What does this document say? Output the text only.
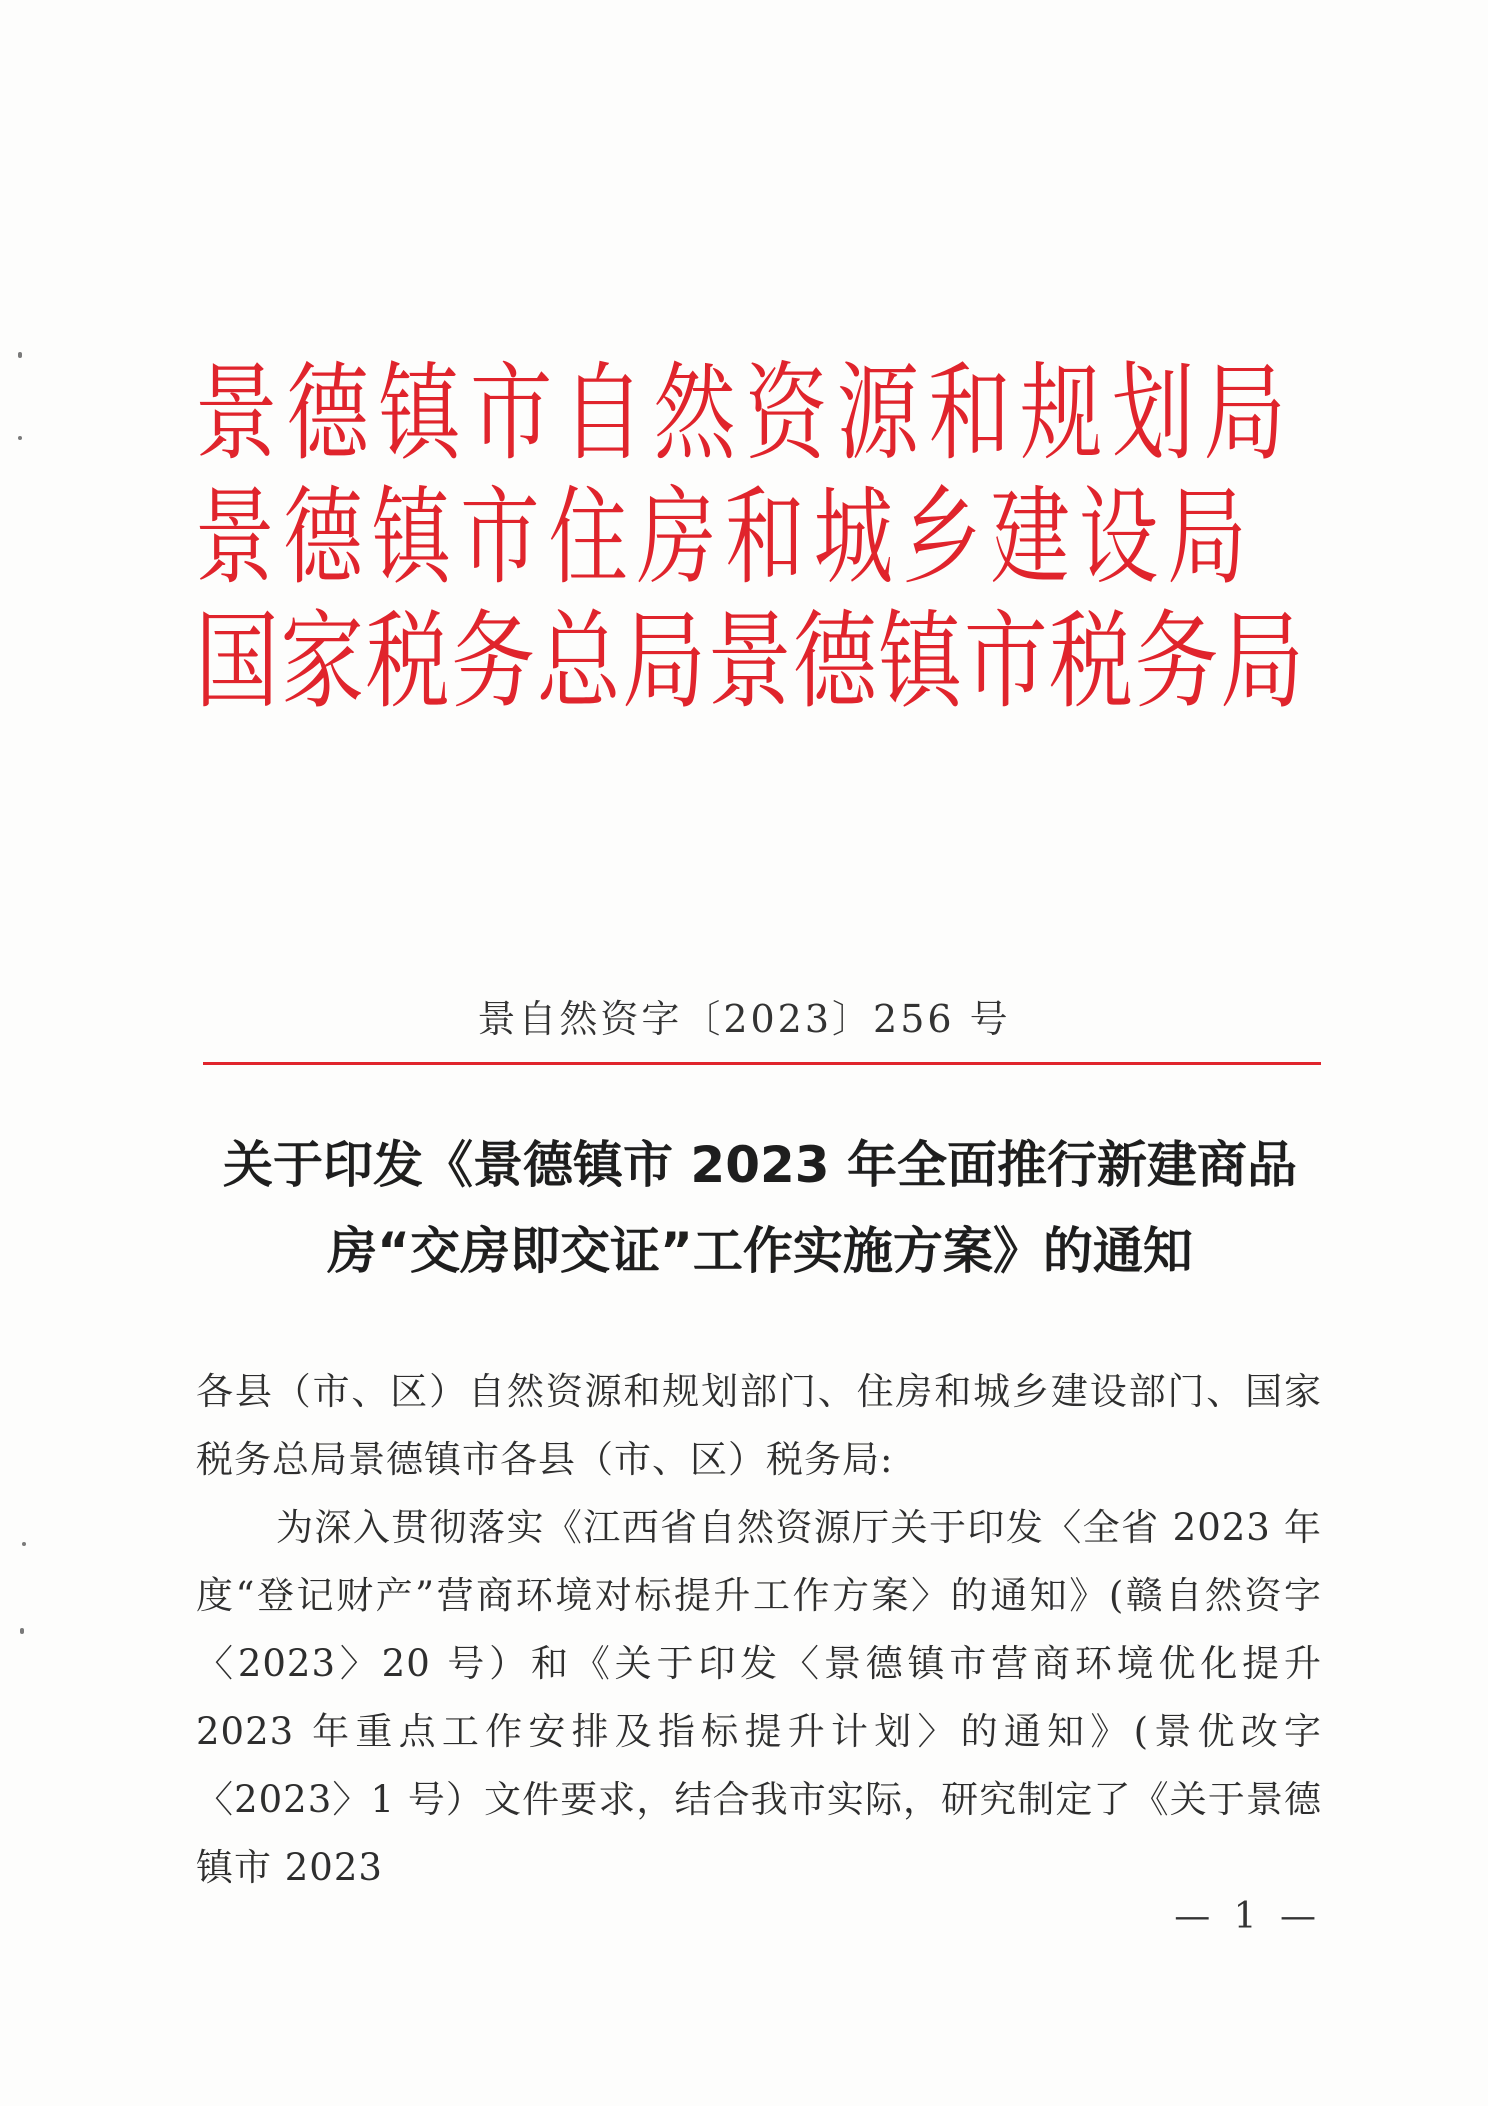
景德镇市自然资源和规划局
景德镇市住房和城乡建设局
国家税务总局景德镇市税务局
景自然资字〔2023〕256 号
关于印发《景德镇市 2023 年全面推行新建商品
房“交房即交证”工作实施方案》的通知

各县（市、区）自然资源和规划部门、住房和城乡建设部门、国家税务总局景德镇市各县（市、区）税务局:

为深入贯彻落实《江西省自然资源厅关于印发〈全省 2023 年度“登记财产”营商环境对标提升工作方案〉的通知》(赣自然资字〈2023〉20 号）和《关于印发〈景德镇市营商环境优化提升 2023 年重点工作安排及指标提升计划〉的通知》(景优改字〈2023〉1 号）文件要求，结合我市实际，研究制定了《关于景德镇市 2023

— 1 —
